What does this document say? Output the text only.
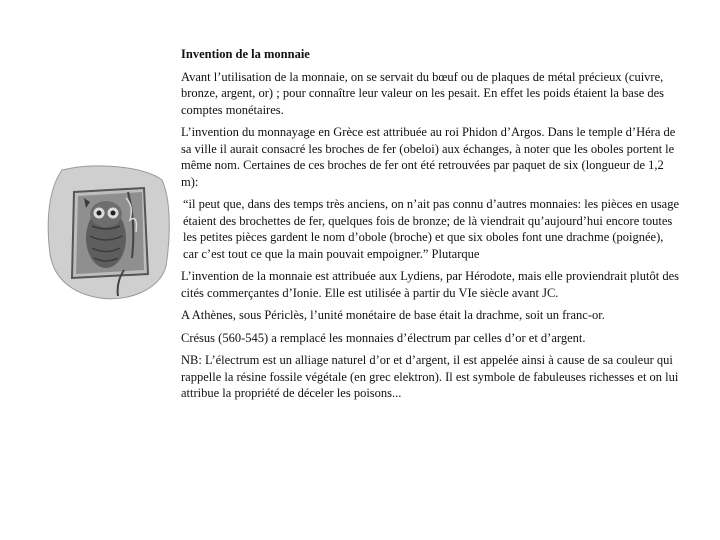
Invention de la monnaie

Avant l’utilisation de la monnaie, on se servait du bœuf ou de plaques de métal précieux (cuivre, bronze, argent, or) ; pour connaître leur valeur on les pesait. En effet les poids étaient la base des comptes monétaires.

L’invention du monnayage en Grèce est attribuée au roi Phidon d’Argos. Dans le temple d’Héra de sa ville il aurait consacré les broches de fer (obeloi) aux échanges, à noter que les oboles portent le même nom. Certaines de ces broches de fer ont été retrouvées par paquet de six (longueur de 1,2 m):

“il peut que, dans des temps très anciens, on n’ait pas connu d’autres monnaies: les pièces en usage étaient des brochettes de fer, quelques fois de bronze; de là viendrait qu’aujourd’hui encore toutes les petites pièces gardent le nom d’obole (broche) et que six oboles font une drachme (poignée), car c’est tout ce que la main pouvait empoigner.” Plutarque

L’invention de la monnaie est attribuée aux Lydiens, par Hérodote, mais elle proviendrait plutôt des cités commerçantes d’Ionie. Elle est utilisée à partir du VIe siècle avant JC.

A Athènes, sous Périclès, l’unité monétaire de base était la drachme, soit un franc-or.

Crésus (560-545) a remplacé les monnaies d’électrum par celles d’or et d’argent.

NB: L’électrum est un alliage naturel d’or et d’argent, il est appelée ainsi à cause de sa couleur qui rappelle la résine fossile végétale (en grec elektron). Il est symbole de fabuleuses richesses et on lui attribue la propriété de déceler les poisons...
